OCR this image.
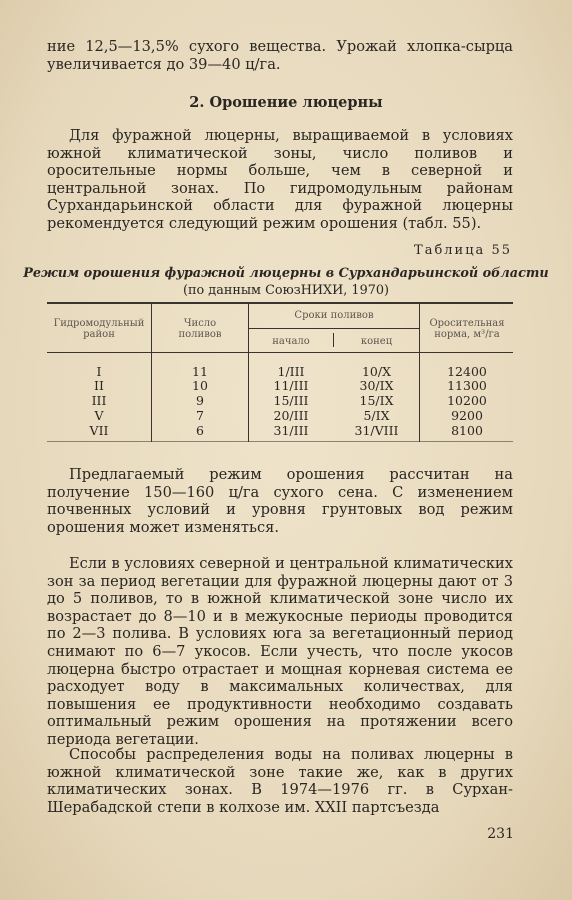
ние 12,5—13,5% сухого вещества. Урожай хлопка-сырца увеличивается до 39—40 ц/га.

2. Орошение люцерны

Для фуражной люцерны, выращиваемой в условиях южной климатической зоны, число поливов и оросительные нормы больше, чем в северной и центральной зонах. По гидромодульным районам Сурхандарьинской области для фуражной люцерны рекомендуется следующий режим орошения (табл. 55).

Таблица 55
Режим орошения фуражной люцерны в Сурхандарьинской области
(по данным СоюзНИХИ, 1970)
Гидромодульный район
Число поливов
Сроки поливов
начало	конец
Оросительная норма, м³/га
I	11	1/III	10/X	12400
II	10	11/III	30/IX	11300
III	9	15/III	15/IX	10200
V	7	20/III	5/IX	9200
VII	6	31/III	31/VIII	8100

Предлагаемый режим орошения рассчитан на получение 150—160 ц/га сухого сена. С изменением почвенных условий и уровня грунтовых вод режим орошения может изменяться.

Если в условиях северной и центральной климатических зон за период вегетации для фуражной люцерны дают от 3 до 5 поливов, то в южной климатической зоне число их возрастает до 8—10 и в межукосные периоды проводится по 2—3 полива. В условиях юга за вегетационный период снимают по 6—7 укосов. Если учесть, что после укосов люцерна быстро отрастает и мощная корневая система ее расходует воду в максимальных количествах, для повышения ее продуктивности необходимо создавать оптимальный режим орошения на протяжении всего периода вегетации.

Способы распределения воды на поливах люцерны в южной климатической зоне такие же, как в других климатических зонах. В 1974—1976 гг. в Сурхан-Шерабадской степи в колхозе им. XXII партсъезда

231
